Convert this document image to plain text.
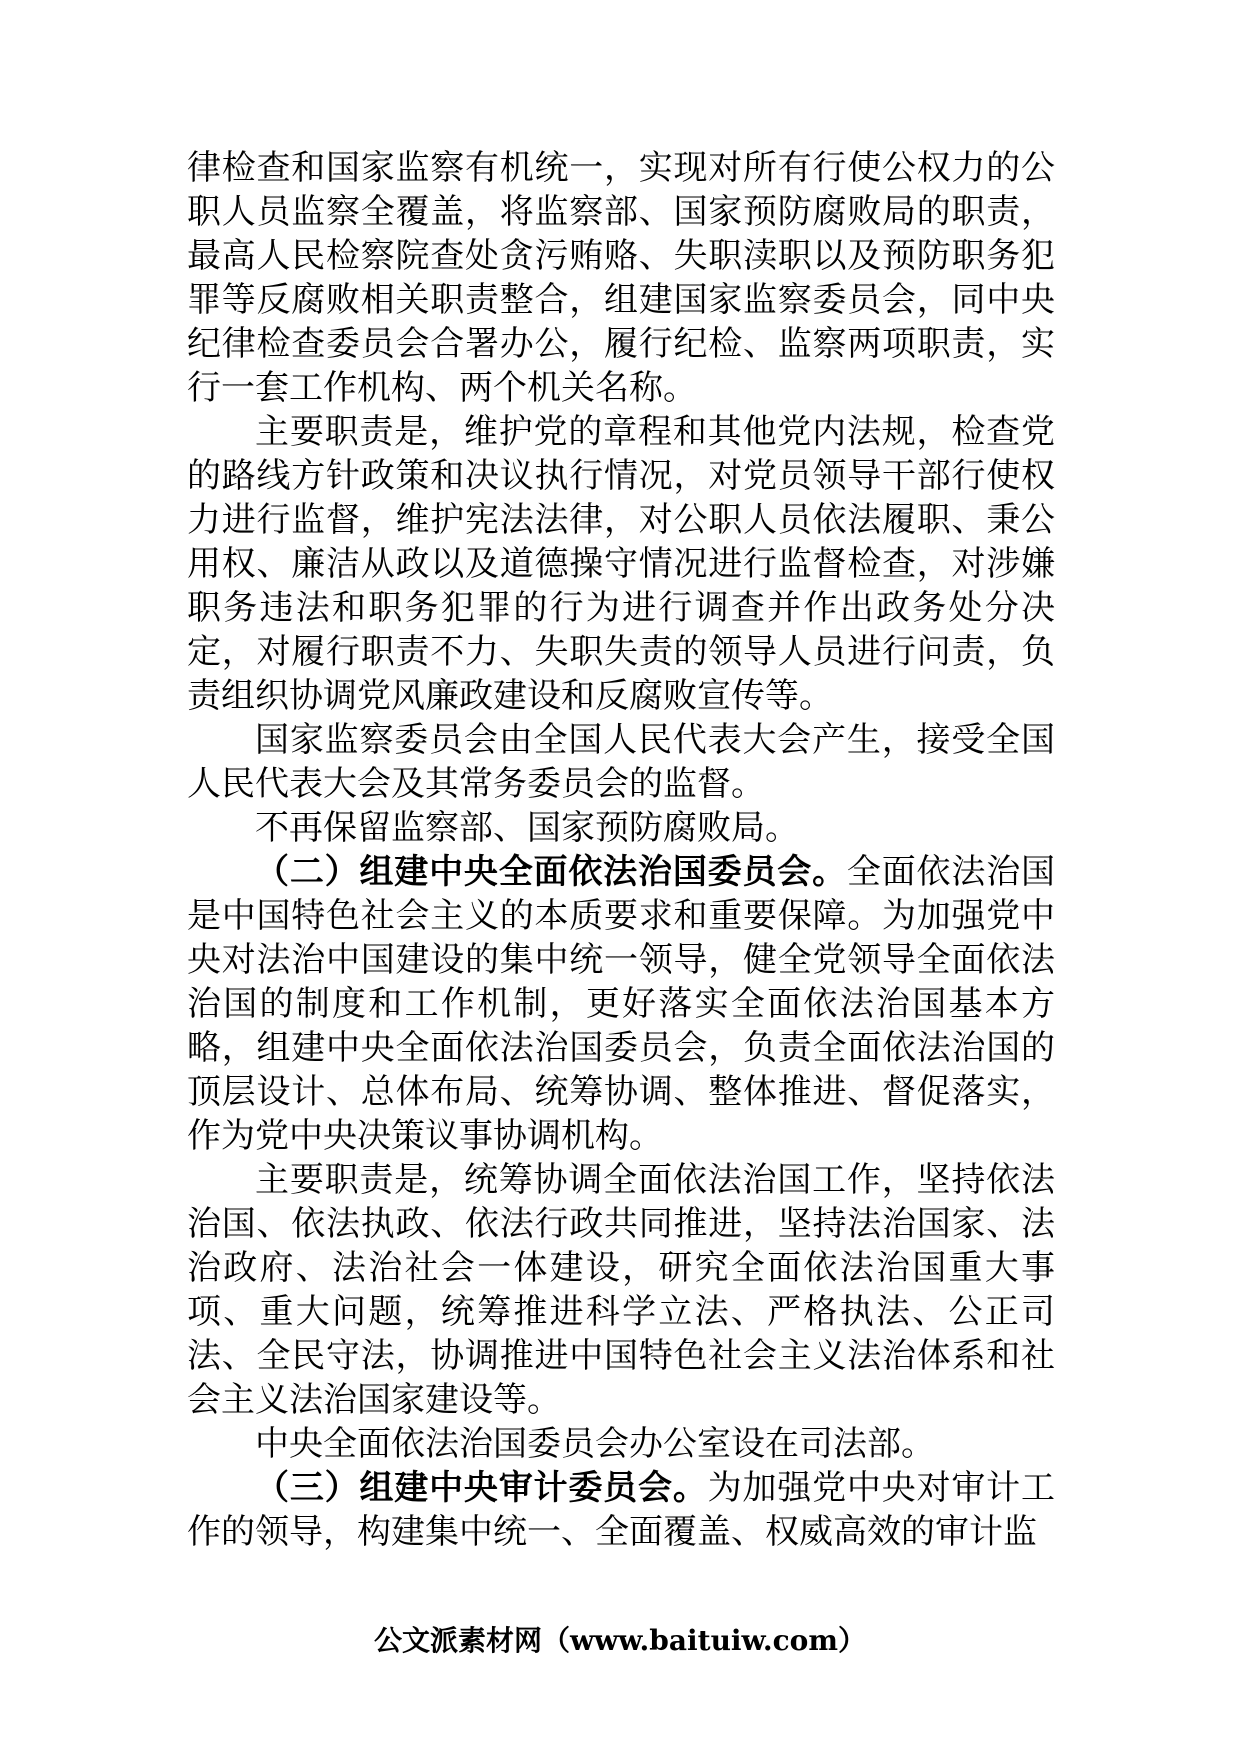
律检查和国家监察有机统一，实现对所有行使公权力的公职人员监察全覆盖，将监察部、国家预防腐败局的职责，最高人民检察院查处贪污贿赂、失职渎职以及预防职务犯罪等反腐败相关职责整合，组建国家监察委员会，同中央纪律检查委员会合署办公，履行纪检、监察两项职责，实行一套工作机构、两个机关名称。

主要职责是，维护党的章程和其他党内法规，检查党的路线方针政策和决议执行情况，对党员领导干部行使权力进行监督，维护宪法法律，对公职人员依法履职、秉公用权、廉洁从政以及道德操守情况进行监督检查，对涉嫌职务违法和职务犯罪的行为进行调查并作出政务处分决定，对履行职责不力、失职失责的领导人员进行问责，负责组织协调党风廉政建设和反腐败宣传等。

国家监察委员会由全国人民代表大会产生，接受全国人民代表大会及其常务委员会的监督。

不再保留监察部、国家预防腐败局。

（二）组建中央全面依法治国委员会。全面依法治国是中国特色社会主义的本质要求和重要保障。为加强党中央对法治中国建设的集中统一领导，健全党领导全面依法治国的制度和工作机制，更好落实全面依法治国基本方略，组建中央全面依法治国委员会，负责全面依法治国的顶层设计、总体布局、统筹协调、整体推进、督促落实，作为党中央决策议事协调机构。

主要职责是，统筹协调全面依法治国工作，坚持依法治国、依法执政、依法行政共同推进，坚持法治国家、法治政府、法治社会一体建设，研究全面依法治国重大事项、重大问题，统筹推进科学立法、严格执法、公正司法、全民守法，协调推进中国特色社会主义法治体系和社会主义法治国家建设等。

中央全面依法治国委员会办公室设在司法部。

（三）组建中央审计委员会。为加强党中央对审计工作的领导，构建集中统一、全面覆盖、权威高效的审计监

公文派素材网（www.baituiw.com）
